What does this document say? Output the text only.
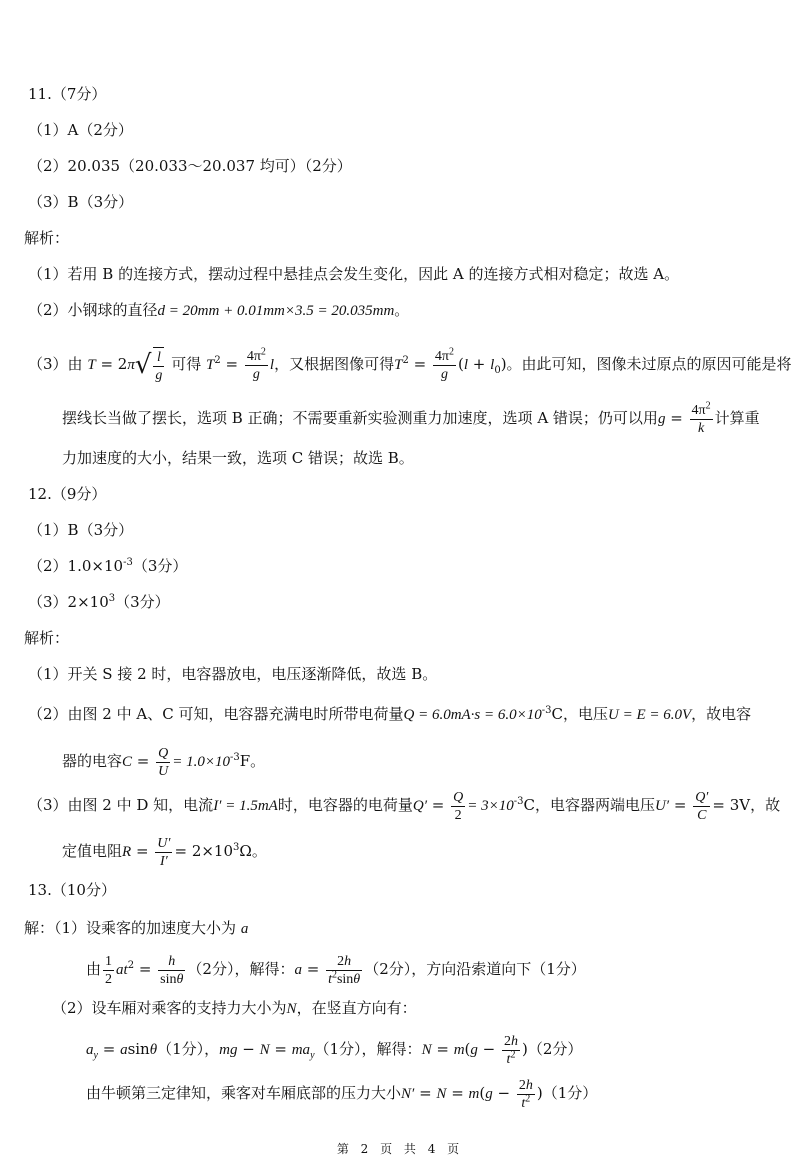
11.（7分）
（1）A（2分）
（2）20.035（20.033～20.037 均可）（2分）
（3）B（3分）
解析：
（1）若用 B 的连接方式，摆动过程中悬挂点会发生变化，因此 A 的连接方式相对稳定；故选 A。
（2）小钢球的直径d = 20mm + 0.01mm×3.5 = 20.035mm。
（3）由 $T = 2\pi√ \frac{l}{g}$ 可得 $T^2 = \frac{4\pi^2}{g}$ l，又根据图像可得$T^2 = \frac{4\pi^2}{g} (l + l_0)$。由此可知，图像未过原点的原因可能是将
摆线长当做了摆长，选项 B 正确；不需要重新实验测重力加速度，选项 A 错误；仍可以用$g = \frac{4\pi^2}{k}$ 计算重
力加速度的大小，结果一致，选项 C 错误；故选 B。
12.（9分）
（1）B（3分）
$(2)1.0\times 10^{-3}(3$分）
$(3)2\times 10^3(3$分）
解析：
（1）开关 S 接 2 时，电容器放电，电压逐渐降低，故选 B。
（2）由图 2 中 A、C 可知，电容器充满电时所带电荷量$Q = 6.0mA\cdot s = 6.0\times 10^{-3}C$，电压U = E = 6.0V，故电容
器的电容$C = \frac{Q}{U} = 1.0\times 10^{-3}F$。
（3）由图 2 中 D 知，电流I′ = 1.5mA时，电容器的电荷量$Q' = \frac{Q}{2} = 3\times 10^{-3}C$，电容器两端电压$U' = \frac{Q'}{C} = 3V$，故
定值电阻$R = \frac{U'}{I'} = 2\times 10^3\Omega$。
13.（10分）
解：（1）设乘客的加速度大小为 a
由 $\frac{1}{2} at^2 = \frac{h}{\sin\theta} (2$分），解得：$a = \frac{2h}{t^2\sin\theta} (2$分），方向沿索道向下（1分）
（2）设车厢对乘客的支持力大小为N，在竖直方向有：
$a_y = asin\theta(1$分），mg − $N = ma_y(1$分），解得：$N = m(g - \frac{2h}{t^2} )(2$分）
由牛顿第三定律知，乘客对车厢底部的压力大小$N' = N = m(g - \frac{2h}{t^2} )(1$分）
第 2 页 共 4 页
